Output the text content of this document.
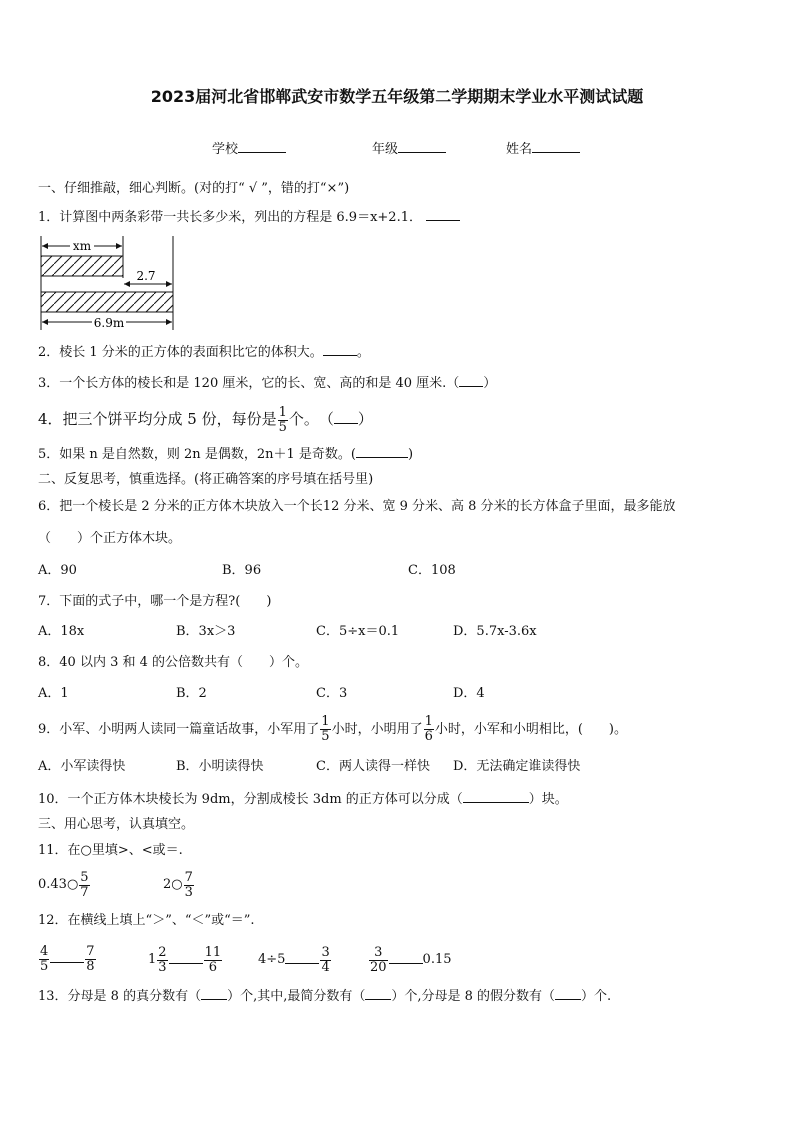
2023届河北省邯郸武安市数学五年级第二学期期末学业水平测试试题
学校	年级	姓名
一、仔细推敲，细心判断。(对的打“ √ ”，错的打“×”)
1．计算图中两条彩带一共长多少米，列出的方程是 6.9＝x+2.1．
xm
2.7
6.9m
2．棱长 1 分米的正方体的表面积比它的体积大。	。
3．一个长方体的棱长和是 120 厘米，它的长、宽、高的和是 40 厘米.（ ）
4．把三个饼平均分成 5 份，每份是 $\frac{1}{5}$ 个。　（ ）
5．如果 n 是自然数，则 2n 是偶数，2n＋1 是奇数。(	)
二、反复思考，慎重选择。(将正确答案的序号填在括号里)
6．把一个棱长是 2 分米的正方体木块放入一个长12 分米、宽 9 分米、高 8 分米的长方体盒子里面，最多能放
（　　）个正方体木块。
A．90	B．96	C．108
7．下面的式子中，哪一个是方程?(　　)
A．18x	B．3x＞3	C．5÷x＝0.1	D．5.7x-3.6x
8．40 以内 3 和 4 的公倍数共有（　　）个。
A．1	B．2	C．3	D．4
9．小军、小明两人读同一篇童话故事，小军用了 $\frac{1}{5}$ 小时，小明用了 $\frac{1}{6}$ 小时，小军和小明相比，(　　)。
A．小军读得快	B．小明读得快	C．两人读得一样快 D．无法确定谁读得快
10．一个正方体木块棱长为 9dm，分割成棱长 3dm 的正方体可以分成（	）块。
三、用心思考，认真填空。
11．在○里填>、<或＝.
0.43○ $\frac{5}{7}$	2○ $\frac{7}{3}$
12．在横线上填上“＞”、“＜”或“＝”.
$\frac{4}{5}$	$\frac{7}{8}$	$1 \frac{2}{3}$	$\frac{11}{6}$	4÷5	$\frac{3}{4}$	$\frac{3}{20}$	0.15
13．分母是 8 的真分数有（ ）个,其中,最简分数有（ ）个,分母是 8 的假分数有（ ）个.
